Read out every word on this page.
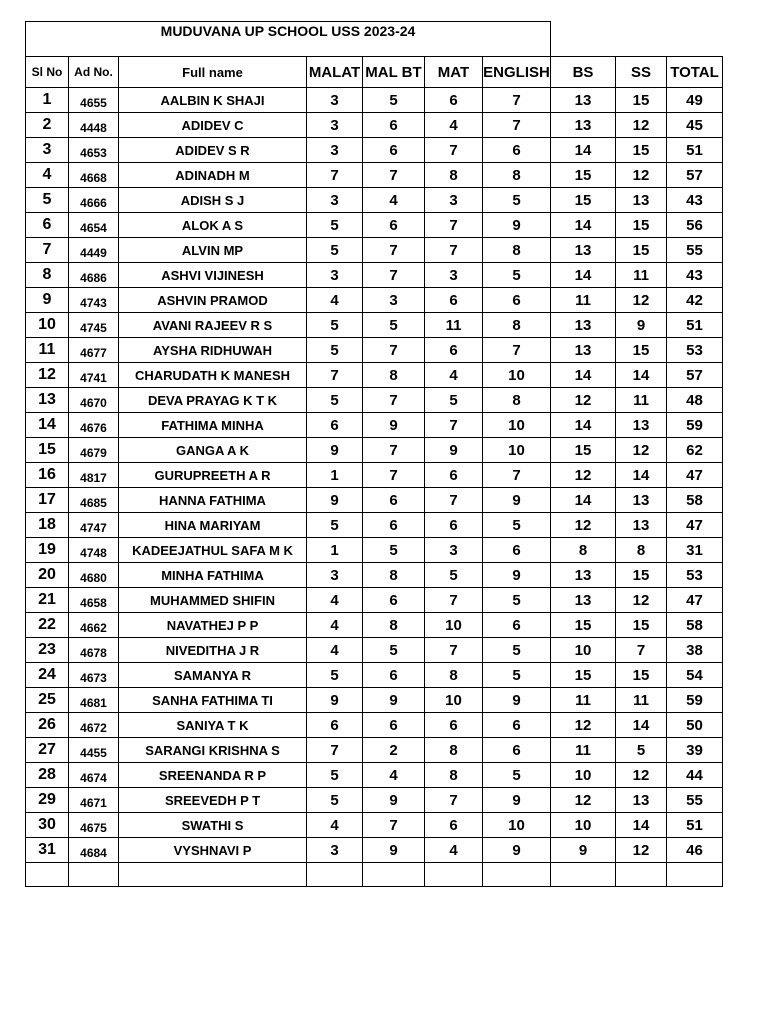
MUDUVANA UP SCHOOL USS 2023-24									
Sl No	Ad No.	Full name	MALAT	MAL BT	MAT	ENGLISH	BS	SS	TOTAL
1	4655	AALBIN K SHAJI	3	5	6	7	13	15	49
2	4448	ADIDEV C	3	6	4	7	13	12	45
3	4653	ADIDEV S R	3	6	7	6	14	15	51
4	4668	ADINADH M	7	7	8	8	15	12	57
5	4666	ADISH S J	3	4	3	5	15	13	43
6	4654	ALOK A S	5	6	7	9	14	15	56
7	4449	ALVIN MP	5	7	7	8	13	15	55
8	4686	ASHVI VIJINESH	3	7	3	5	14	11	43
9	4743	ASHVIN PRAMOD	4	3	6	6	11	12	42
10	4745	AVANI RAJEEV R S	5	5	11	8	13	9	51
11	4677	AYSHA RIDHUWAH	5	7	6	7	13	15	53
12	4741	CHARUDATH K MANESH	7	8	4	10	14	14	57
13	4670	DEVA PRAYAG K T K	5	7	5	8	12	11	48
14	4676	FATHIMA MINHA	6	9	7	10	14	13	59
15	4679	GANGA A K	9	7	9	10	15	12	62
16	4817	GURUPREETH A R	1	7	6	7	12	14	47
17	4685	HANNA FATHIMA	9	6	7	9	14	13	58
18	4747	HINA MARIYAM	5	6	6	5	12	13	47
19	4748	KADEEJATHUL SAFA M K	1	5	3	6	8	8	31
20	4680	MINHA FATHIMA	3	8	5	9	13	15	53
21	4658	MUHAMMED SHIFIN	4	6	7	5	13	12	47
22	4662	NAVATHEJ P P	4	8	10	6	15	15	58
23	4678	NIVEDITHA J R	4	5	7	5	10	7	38
24	4673	SAMANYA R	5	6	8	5	15	15	54
25	4681	SANHA FATHIMA TI	9	9	10	9	11	11	59
26	4672	SANIYA T K	6	6	6	6	12	14	50
27	4455	SARANGI KRISHNA S	7	2	8	6	11	5	39
28	4674	SREENANDA R P	5	4	8	5	10	12	44
29	4671	SREEVEDH P T	5	9	7	9	12	13	55
30	4675	SWATHI S	4	7	6	10	10	14	51
31	4684	VYSHNAVI P	3	9	4	9	9	12	46
